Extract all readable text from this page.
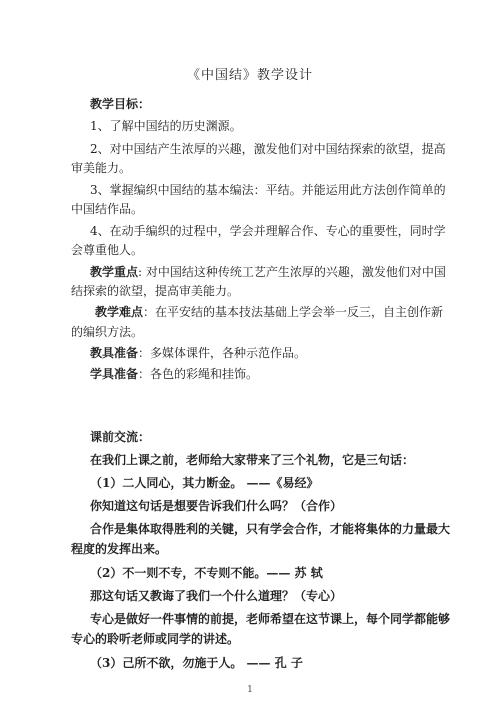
《中国结》教学设计
教学目标：
1、了解中国结的历史渊源。
2、对中国结产生浓厚的兴趣，激发他们对中国结探索的欲望，提高
审美能力。
3、掌握编织中国结的基本编法：平结。并能运用此方法创作简单的
中国结作品。
4、在动手编织的过程中，学会并理解合作、专心的重要性，同时学
会尊重他人。
教学重点: 对中国结这种传统工艺产生浓厚的兴趣，激发他们对中国
结探索的欲望，提高审美能力。
教学难点：在平安结的基本技法基础上学会举一反三，自主创作新
的编织方法。
教具准备：多媒体课件，各种示范作品。
学具准备：各色的彩绳和挂饰。
课前交流：
在我们上课之前，老师给大家带来了三个礼物，它是三句话：
（1）二人同心，其力断金。 ——《易经》
你知道这句话是想要告诉我们什么吗？（合作）
合作是集体取得胜利的关键，只有学会合作，才能将集体的力量最大
程度的发挥出来。
（2）不一则不专，不专则不能。—— 苏 轼
那这句话又教诲了我们一个什么道理？（专心）
专心是做好一件事情的前提，老师希望在这节课上，每个同学都能够
专心的聆听老师或同学的讲述。
（3）己所不欲，勿施于人。 —— 孔 子
1
